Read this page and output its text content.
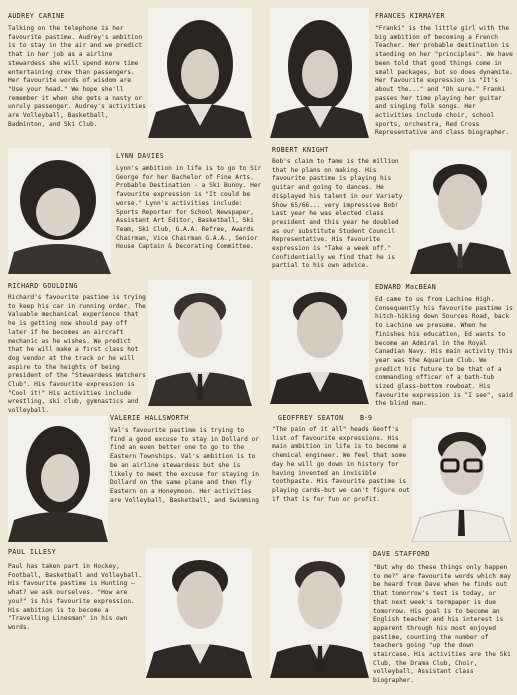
AUDREY CARINE

Talking on the telephone is her favourite pastime. Audrey's ambition is to stay in the air and we predict that in her job as a airline stewardess she will spend more time entertaining crew than passengers. Her favourite words of wisdom are "Use your head." We hope she'll remember it when she gets a nasty or unruly passenger. Audrey's activities are Volleyball, Basketball, Badminton, and Ski Club.

FRANCES KIRMAYER

"Franki" is the little girl with the big ambition of becoming a French Teacher. Her probable destination is standing on her "principles". We have been told that good things come in small packages, but so does dynamite. Her favourite expression is "It's about the..." and "Oh sure." Franki passes her time playing her guitar and singing folk songs. Her activities include choir, school sports, orchestra, Red Cross Representative and class biographer.

LYNN DAVIES

Lynn's ambition in life is to go to Sir George for her Bachelor of Fine Arts. Probable Destination - a Ski Bunny. Her favourite expression is "It could be worse." Lynn's activities include: Sports Reporter for School Newspaper, Assistant Art Editor, Basketball, Ski Team, Ski Club, G.A.A. Refree, Awards Chairman, Vice Chairman G.A.A., Senior House Captain & Decorating Committee.

ROBERT KNIGHT

Bob's claim to fame is the million that he plans on making. His favourite pastime is playing his guitar and going to dances. He displayed his talent in our Variety Show 65/66... very impressive Bob! Last year he was elected class president and this year he doubled as our substitute Student Council Representative. His favourite expression is "Take a week off." Confidentially we find that he is partial to his own advice.

RICHARD GOULDING

Richard's favourite pastime is trying to keep his car in running order. The Valuable mechanical experience that he is getting now should pay off later if he becomes an aircraft mechanic as he wishes. We predict that he will make a first class hot dog vendor at the track or he will aspire to the heights of being president of the "Stewardess Watchers Club". His favourite expression is "Cool it!" His activities include wrestling, ski club, gymnastics and volleyball.

EDWARD MacBEAN

Ed came to us from Lachine High. Consequently his favourite pastime is hitch-hiking down Sources Road, back to Lachine we presume. When he finishes his education, Ed wants to become an Admiral in the Royal Canadian Navy. His main activity this year was the Aquarium Club. We predict his future to be that of a commanding officer of a bath-tub sized glass-bottom rowboat. His favourite expression is "I see", said the blind man.

VALERIE HALLSWORTH

Val's favourite pastime is trying to find a good excuse to stay in Dollard or find an even better one to go to the Eastern Townships. Val's ambition is to be an airline stewardess but she is likely to meet the excuse for staying in Dollard on the same plane and then fly Eastern on a Honeymoon. Her activities are Volleyball, Basketball, and Swimming

GEOFFREY SEATON B-9

"The pain of it all" heads Geoff's list of favourite expressions. His main ambition in life is to become a chemical engineer. We feel that some day he will go down in history for having invented an invisible toothpaste. His favourite pastime is playing cards-but we can't figure out if that is for fun or profit.

PAUL ILLESY

Paul has taken part in Hockey, Football, Basketball and Volleyball. His favourite pastime is Hunting — what? we ask ourselves. "How are you?" is his favourite expression. His ambition is to become a "Travelling Linesman" in his own words.

DAVE STAFFORD

"But why do these things only happen to me?" are favourite words which may be heard from Dave when he finds out that tomorrow's test is today, or that next week's termpaper is due tomorrow. His goal is to become an English teacher and his interest is apparent through his most enjoyed pastime, counting the number of teachers going "up the down staircase. His activities are the Ski Club, the Drama Club, Choir, volleyball, Assistant class biographer.
